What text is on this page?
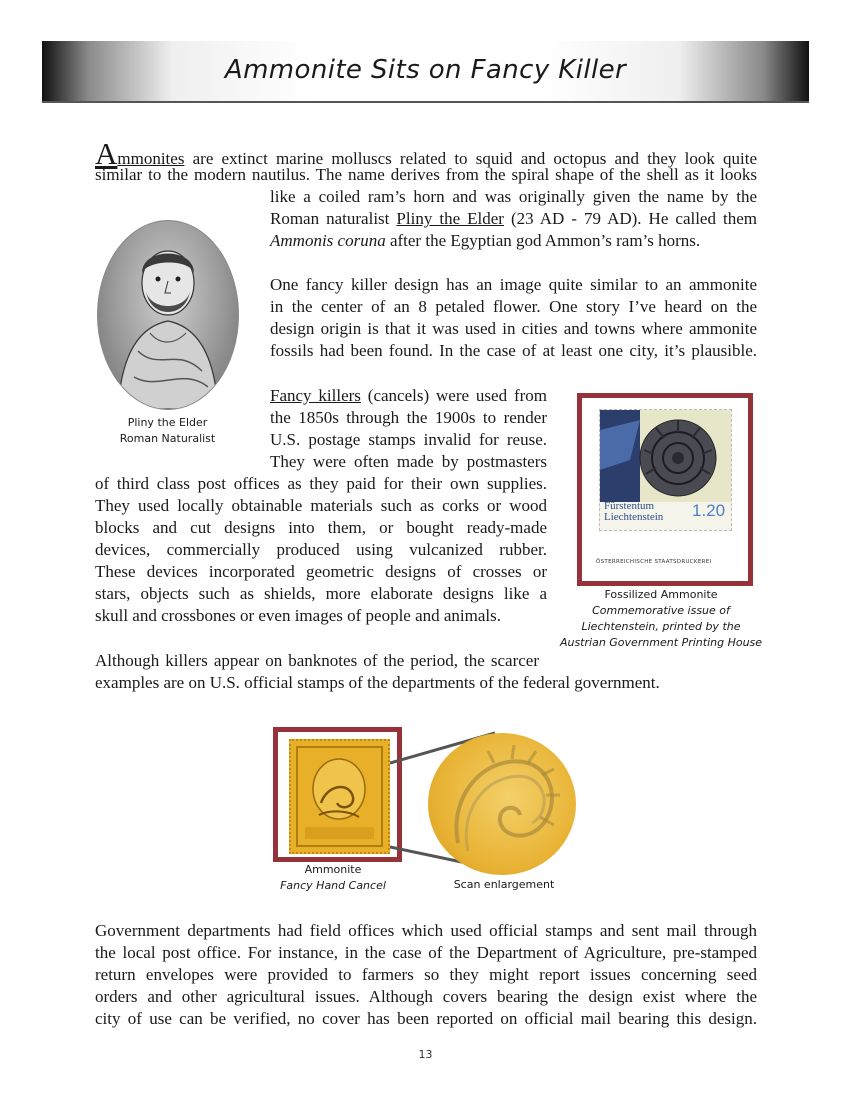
Ammonite Sits on Fancy Killer
Ammonites are extinct marine molluscs related to squid and octopus and they look quite
similar to the modern nautilus. The name derives from the spiral shape of the shell as it looks
like a coiled ram’s horn and was originally given the name by the
Roman naturalist Pliny the Elder (23 AD - 79 AD). He called them
Ammonis coruna after the Egyptian god Ammon’s ram’s horns.
One fancy killer design has an image quite similar to an ammonite
in the center of an 8 petaled flower. One story I’ve heard on the
design origin is that it was used in cities and towns where ammonite
fossils had been found. In the case of at least one city, it’s plausible.
Pliny the Elder
Roman Naturalist
Fancy killers (cancels) were used from
the 1850s through the 1900s to render
U.S. postage stamps invalid for reuse.
They were often made by postmasters
of third class post offices as they paid for their own supplies.
They used locally obtainable materials such as corks or wood
blocks and cut designs into them, or bought ready-made
devices, commercially produced using vulcanized rubber.
These devices incorporated geometric designs of crosses or
stars, objects such as shields, more elaborate designs like a
skull and crossbones or even images of people and animals.
Fürstentum
Liechtenstein 1.20
ÖSTERREICHISCHE STAATSDRUCKEREI
Fossilized Ammonite
Commemorative issue of
Liechtenstein, printed by the
Austrian Government Printing House
Although killers appear on banknotes of the period, the scarcer
examples are on U.S. official stamps of the departments of the federal government.
Ammonite
Fancy Hand Cancel	Scan enlargement
Government departments had field offices which used official stamps and sent mail through
the local post office. For instance, in the case of the Department of Agriculture, pre-stamped
return envelopes were provided to farmers so they might report issues concerning seed
orders and other agricultural issues. Although covers bearing the design exist where the
city of use can be verified, no cover has been reported on official mail bearing this design.
13
